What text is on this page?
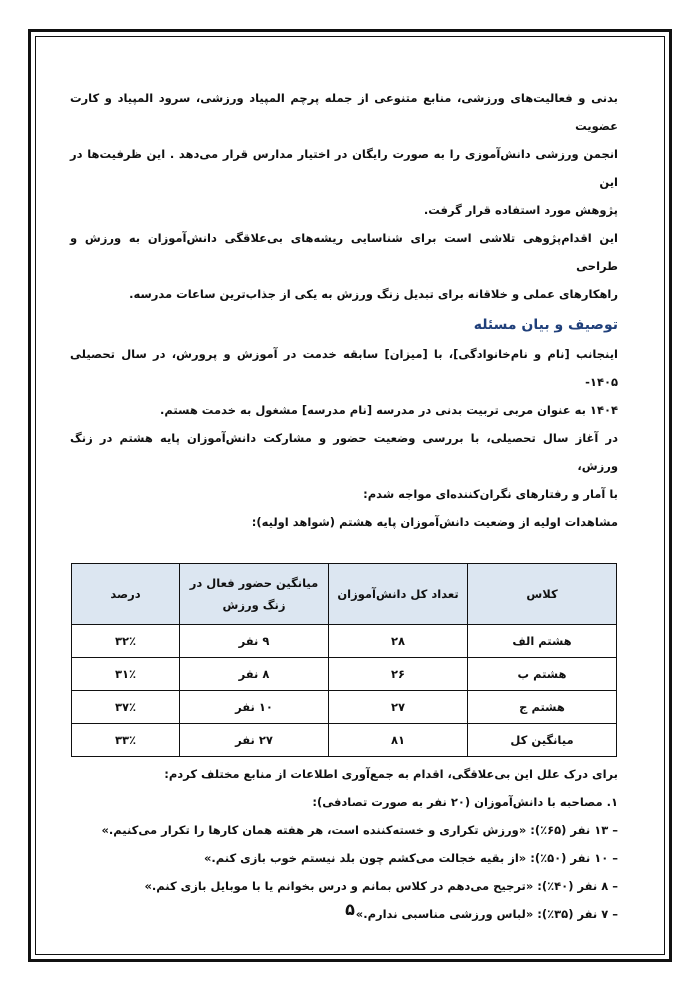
بدنی و فعالیت‌های ورزشی، منابع متنوعی از جمله پرچم المپیاد ورزشی، سرود المپیاد و کارت عضویت

انجمن ورزشی دانش‌آموزی را به صورت رایگان در اختیار مدارس قرار می‌دهد . این ظرفیت‌ها در این

پژوهش مورد استفاده قرار گرفت.

این اقدام‌پژوهی تلاشی است برای شناسایی ریشه‌های بی‌علاقگی دانش‌آموزان به ورزش و طراحی

راهکارهای عملی و خلاقانه برای تبدیل زنگ ورزش به یکی از جذاب‌ترین ساعات مدرسه.

توصیف و بیان مسئله

اینجانب [نام و نام‌خانوادگی]، با [میزان] سابقه خدمت در آموزش و پرورش، در سال تحصیلی ۱۴۰۵-

۱۴۰۴ به عنوان مربی تربیت بدنی در مدرسه [نام مدرسه] مشغول به خدمت هستم.

در آغاز سال تحصیلی، با بررسی وضعیت حضور و مشارکت دانش‌آموزان پایه هشتم در زنگ ورزش،

با آمار و رفتارهای نگران‌کننده‌ای مواجه شدم:

مشاهدات اولیه از وضعیت دانش‌آموزان پایه هشتم (شواهد اولیه):

کلاس	تعداد کل دانش‌آموزان	میانگین حضور فعال در زنگ ورزش	درصد
هشتم الف	۲۸	۹ نفر	۳۲٪
هشتم ب	۲۶	۸ نفر	۳۱٪
هشتم ج	۲۷	۱۰ نفر	۳۷٪
میانگین کل	۸۱	۲۷ نفر	۳۳٪

برای درک علل این بی‌علاقگی، اقدام به جمع‌آوری اطلاعات از منابع مختلف کردم:

۱. مصاحبه با دانش‌آموزان (۲۰ نفر به صورت تصادفی):

– ۱۳ نفر (۶۵٪): «ورزش تکراری و خسته‌کننده است، هر هفته همان کارها را تکرار می‌کنیم.»

– ۱۰ نفر (۵۰٪): «از بقیه خجالت می‌کشم چون بلد نیستم خوب بازی کنم.»

– ۸ نفر (۴۰٪): «ترجیح می‌دهم در کلاس بمانم و درس بخوانم یا با موبایل بازی کنم.»

– ۷ نفر (۳۵٪): «لباس ورزشی مناسبی ندارم.»

۵
